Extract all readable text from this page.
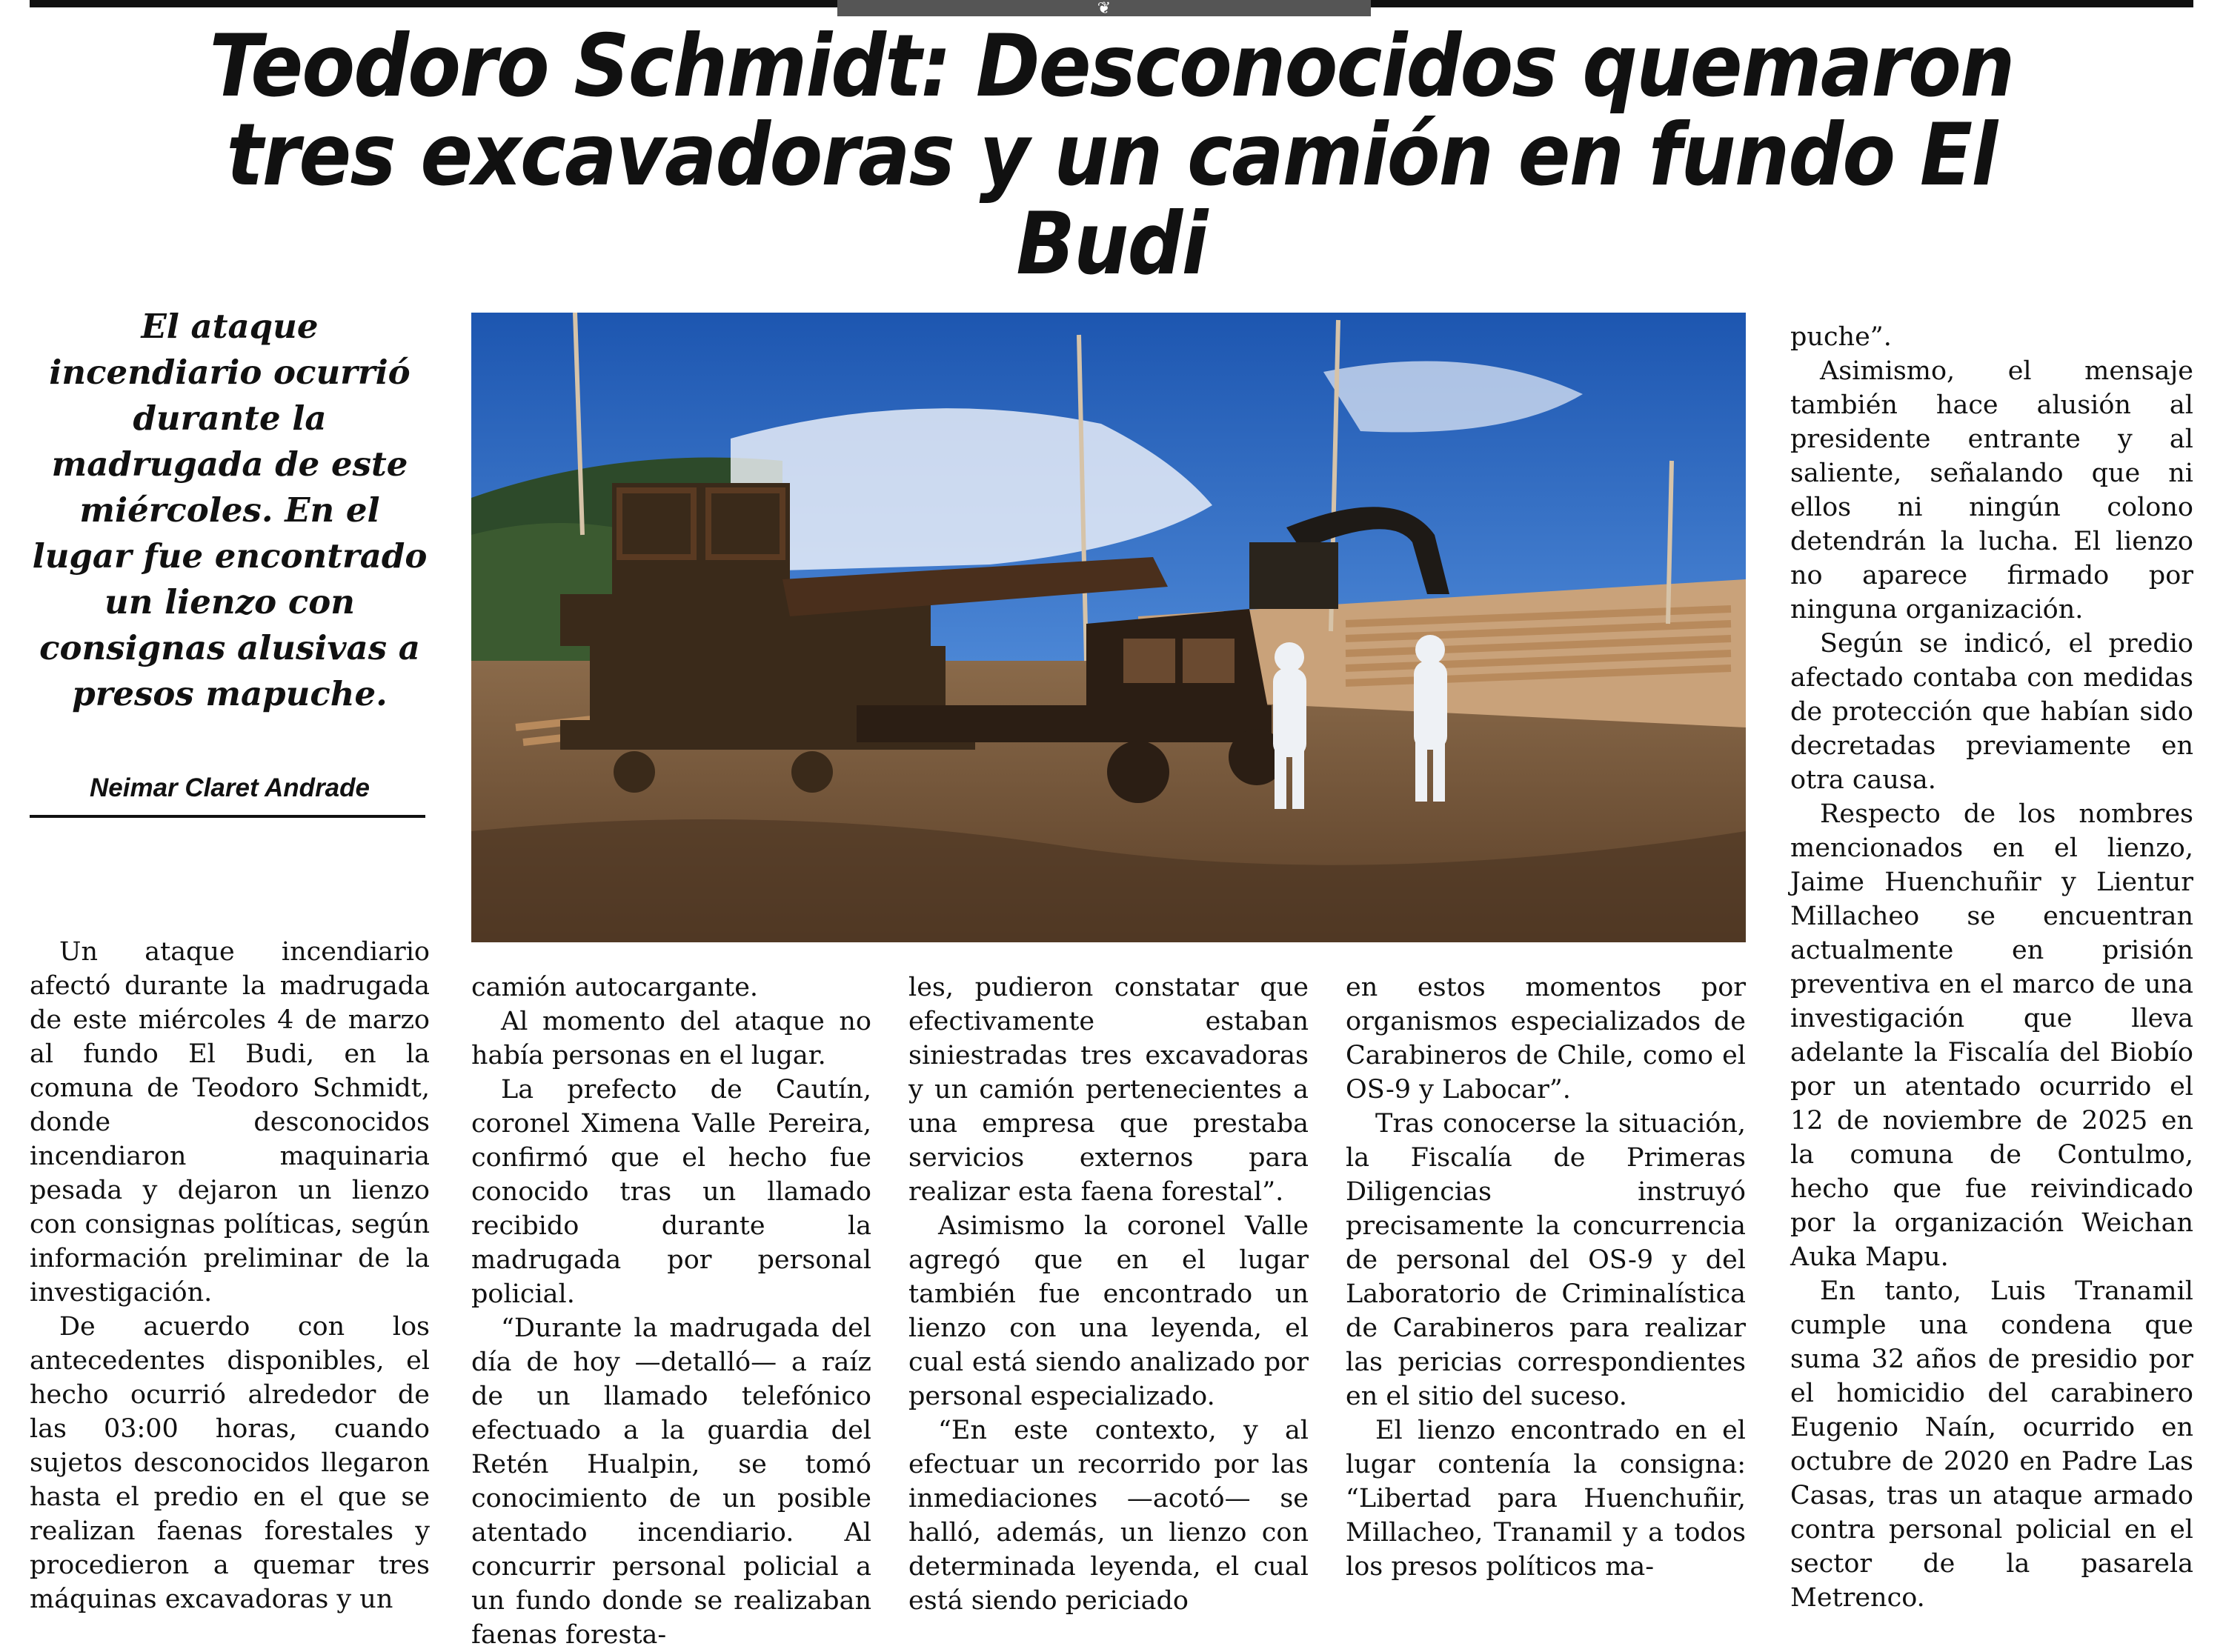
❦
Teodoro Schmidt: Desconocidos quemaron tres excavadoras y un camión en fundo El Budi

El ataque incendiario ocurrió durante la madrugada de este miércoles. En el lugar fue encontrado un lienzo con consignas alusivas a presos mapuche.

Neimar Claret Andrade

Un ataque incendiario afectó durante la madrugada de este miércoles 4 de marzo al fundo El Budi, en la comuna de Teodoro Schmidt, donde desconocidos incendiaron maquinaria pesada y dejaron un lienzo con consignas políticas, según información preliminar de la investigación.

De acuerdo con los antecedentes disponibles, el hecho ocurrió alrededor de las 03:00 horas, cuando sujetos desconocidos llegaron hasta el predio en el que se realizan faenas forestales y procedieron a quemar tres máquinas excavadoras y un

camión autocargante.

Al momento del ataque no había personas en el lugar.

La prefecto de Cautín, coronel Ximena Valle Pereira, confirmó que el hecho fue conocido tras un llamado recibido durante la madrugada por personal policial.

“Durante la madrugada del día de hoy —detalló— a raíz de un llamado telefónico efectuado a la guardia del Retén Hualpin, se tomó conocimiento de un posible atentado incendiario. Al concurrir personal policial a un fundo donde se realizaban faenas foresta-

les, pudieron constatar que efectivamente estaban siniestradas tres excavadoras y un camión pertenecientes a una empresa que prestaba servicios externos para realizar esta faena forestal”.

Asimismo la coronel Valle agregó que en el lugar también fue encontrado un lienzo con una leyenda, el cual está siendo analizado por personal especializado.

“En este contexto, y al efectuar un recorrido por las inmediaciones —acotó— se halló, además, un lienzo con determinada leyenda, el cual está siendo periciado

en estos momentos por organismos especializados de Carabineros de Chile, como el OS-9 y Labocar”.

Tras conocerse la situación, la Fiscalía de Primeras Diligencias instruyó precisamente la concurrencia de personal del OS-9 y del Laboratorio de Criminalística de Carabineros para realizar las pericias correspondientes en el sitio del suceso.

El lienzo encontrado en el lugar contenía la consigna: “Libertad para Huenchuñir, Millacheo, Tranamil y a todos los presos políticos ma-

puche”.

Asimismo, el mensaje también hace alusión al presidente entrante y al saliente, señalando que ni ellos ni ningún colono detendrán la lucha. El lienzo no aparece firmado por ninguna organización.

Según se indicó, el predio afectado contaba con medidas de protección que habían sido decretadas previamente en otra causa.

Respecto de los nombres mencionados en el lienzo, Jaime Huenchuñir y Lientur Millacheo se encuentran actualmente en prisión preventiva en el marco de una investigación que lleva adelante la Fiscalía del Biobío por un atentado ocurrido el 12 de noviembre de 2025 en la comuna de Contulmo, hecho que fue reivindicado por la organización Weichan Auka Mapu.

En tanto, Luis Tranamil cumple una condena que suma 32 años de presidio por el homicidio del carabinero Eugenio Naín, ocurrido en octubre de 2020 en Padre Las Casas, tras un ataque armado contra personal policial en el sector de la pasarela Metrenco.
